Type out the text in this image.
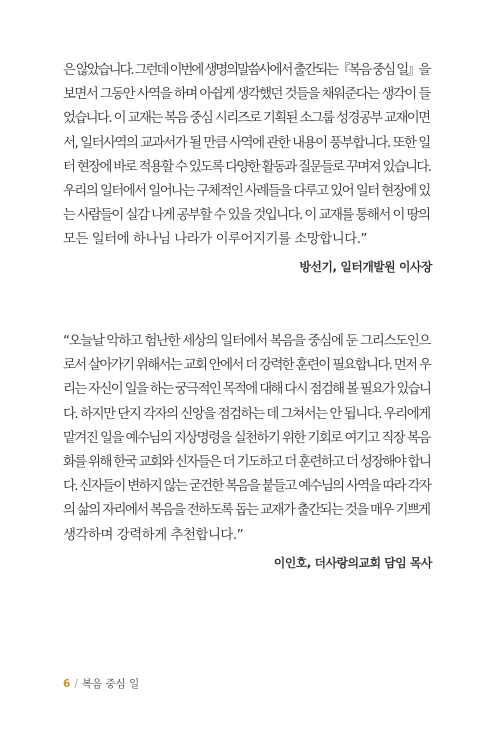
은 않았습니다. 그런데 이번에 생명의말씀사에서 출간되는『복음 중심 일』을
보면서 그동안 사역을 하며 아쉽게 생각했던 것들을 채워준다는 생각이 들
었습니다. 이 교재는 복음 중심 시리즈로 기획된 소그룹 성경공부 교재이면
서, 일터사역의 교과서가 될 만큼 사역에 관한 내용이 풍부합니다. 또한 일
터 현장에 바로 적용할 수 있도록 다양한 활동과 질문들로 꾸며져 있습니다.
우리의 일터에서 일어나는 구체적인 사례들을 다루고 있어 일터 현장에 있
는 사람들이 실감 나게 공부할 수 있을 것입니다. 이 교재를 통해서 이 땅의
모든 일터에 하나님 나라가 이루어지기를 소망합니다.”
방선기, 일터개발원 이사장
“오늘날 악하고 험난한 세상의 일터에서 복음을 중심에 둔 그리스도인으
로서 살아가기 위해서는 교회 안에서 더 강력한 훈련이 필요합니다. 먼저 우
리는 자신이 일을 하는 궁극적인 목적에 대해 다시 점검해 볼 필요가 있습니
다. 하지만 단지 각자의 신앙을 점검하는 데 그쳐서는 안 됩니다. 우리에게
맡겨진 일을 예수님의 지상명령을 실천하기 위한 기회로 여기고 직장 복음
화를 위해 한국 교회와 신자들은 더 기도하고 더 훈련하고 더 성장해야 합니
다. 신자들이 변하지 않는 굳건한 복음을 붙들고 예수님의 사역을 따라 각자
의 삶의 자리에서 복음을 전하도록 돕는 교재가 출간되는 것을 매우 기쁘게
생각하며 강력하게 추천합니다.”
이인호, 더사랑의교회 담임 목사
6 / 복음 중심 일
